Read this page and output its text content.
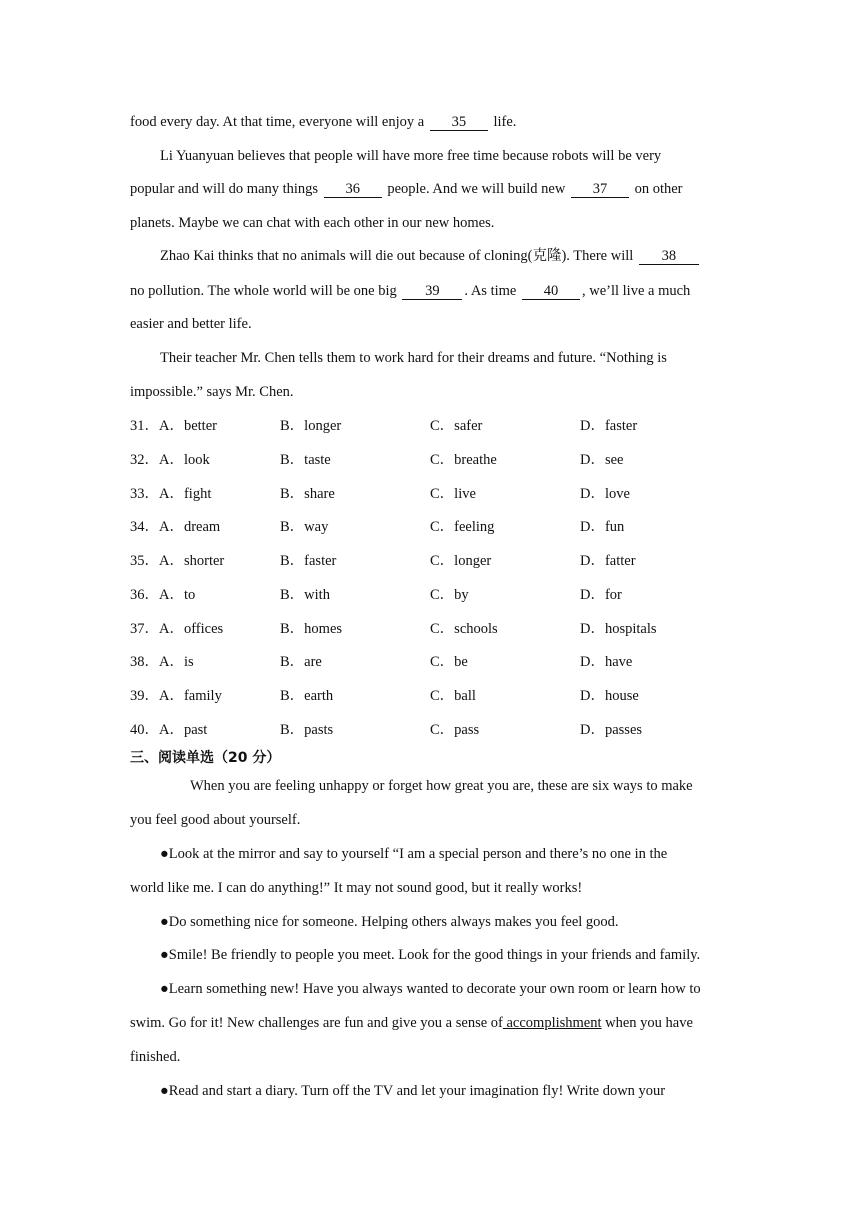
food every day. At that time, everyone will enjoy a 35 life.
Li Yuanyuan believes that people will have more free time because robots will be very
popular and will do many things 36 people. And we will build new 37 on other
planets. Maybe we can chat with each other in our new homes.
Zhao Kai thinks that no animals will die out because of cloning(克隆). There will 38
no pollution. The whole world will be one big 39 . As time 40 , we’ll live a much
easier and better life.
Their teacher Mr. Chen tells them to work hard for their dreams and future. “Nothing is
impossible.” says Mr. Chen.
31．A．better	B．longer	C．safer	D．faster
32．A．look	B．taste	C．breathe	D．see
33．A．fight	B．share	C．live	D．love
34．A．dream	B．way	C．feeling	D．fun
35．A．shorter	B．faster	C．longer	D．fatter
36．A．to	B．with	C．by	D．for
37．A．offices	B．homes	C．schools	D．hospitals
38．A．is	B．are	C．be	D．have
39．A．family	B．earth	C．ball	D．house
40．A．past	B．pasts	C．pass	D．passes
三、阅读单选（20 分）
When you are feeling unhappy or forget how great you are, these are six ways to make
you feel good about yourself.
●Look at the mirror and say to yourself “I am a special person and there’s no one in the
world like me. I can do anything!” It may not sound good, but it really works!
●Do something nice for someone. Helping others always makes you feel good.
●Smile! Be friendly to people you meet. Look for the good things in your friends and family.
●Learn something new! Have you always wanted to decorate your own room or learn how to
swim. Go for it! New challenges are fun and give you a sense of accomplishment when you have
finished.
●Read and start a diary. Turn off the TV and let your imagination fly! Write down your
